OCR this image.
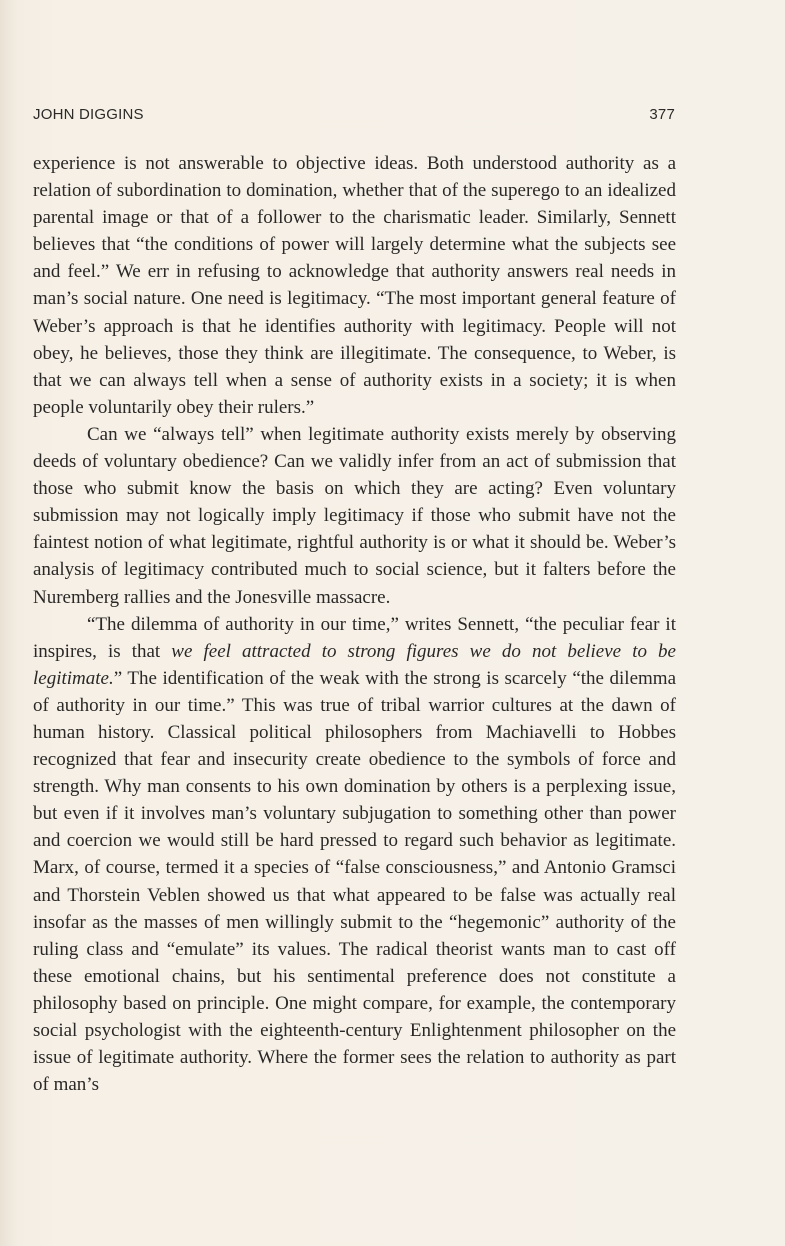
JOHN DIGGINS	377

experience is not answerable to objective ideas. Both understood authority as a relation of subordination to domination, whether that of the superego to an idealized parental image or that of a follower to the charismatic leader. Similarly, Sennett believes that “the conditions of power will largely determine what the subjects see and feel.” We err in refusing to acknowledge that authority answers real needs in man’s social nature. One need is legitimacy. “The most important general feature of Weber’s approach is that he identifies authority with legitimacy. People will not obey, he believes, those they think are illegitimate. The consequence, to Weber, is that we can always tell when a sense of authority exists in a society; it is when people voluntarily obey their rulers.”

Can we “always tell” when legitimate authority exists merely by observing deeds of voluntary obedience? Can we validly infer from an act of submission that those who submit know the basis on which they are acting? Even voluntary submission may not logically imply legitimacy if those who submit have not the faintest notion of what legitimate, rightful authority is or what it should be. Weber’s analysis of legitimacy contributed much to social science, but it falters before the Nuremberg rallies and the Jonesville massacre.

“The dilemma of authority in our time,” writes Sennett, “the peculiar fear it inspires, is that we feel attracted to strong figures we do not believe to be legitimate.” The identification of the weak with the strong is scarcely “the dilemma of authority in our time.” This was true of tribal warrior cultures at the dawn of human history. Classical political philosophers from Machiavelli to Hobbes recognized that fear and insecurity create obedience to the symbols of force and strength. Why man consents to his own domination by others is a perplexing issue, but even if it involves man’s voluntary subjugation to something other than power and coercion we would still be hard pressed to regard such behavior as legitimate. Marx, of course, termed it a species of “false consciousness,” and Antonio Gramsci and Thorstein Veblen showed us that what appeared to be false was actually real insofar as the masses of men willingly submit to the “hegemonic” authority of the ruling class and “emulate” its values. The radical theorist wants man to cast off these emotional chains, but his sentimental preference does not constitute a philosophy based on principle. One might compare, for example, the contemporary social psychologist with the eighteenth-century Enlightenment philosopher on the issue of legitimate authority. Where the former sees the relation to authority as part of man’s
